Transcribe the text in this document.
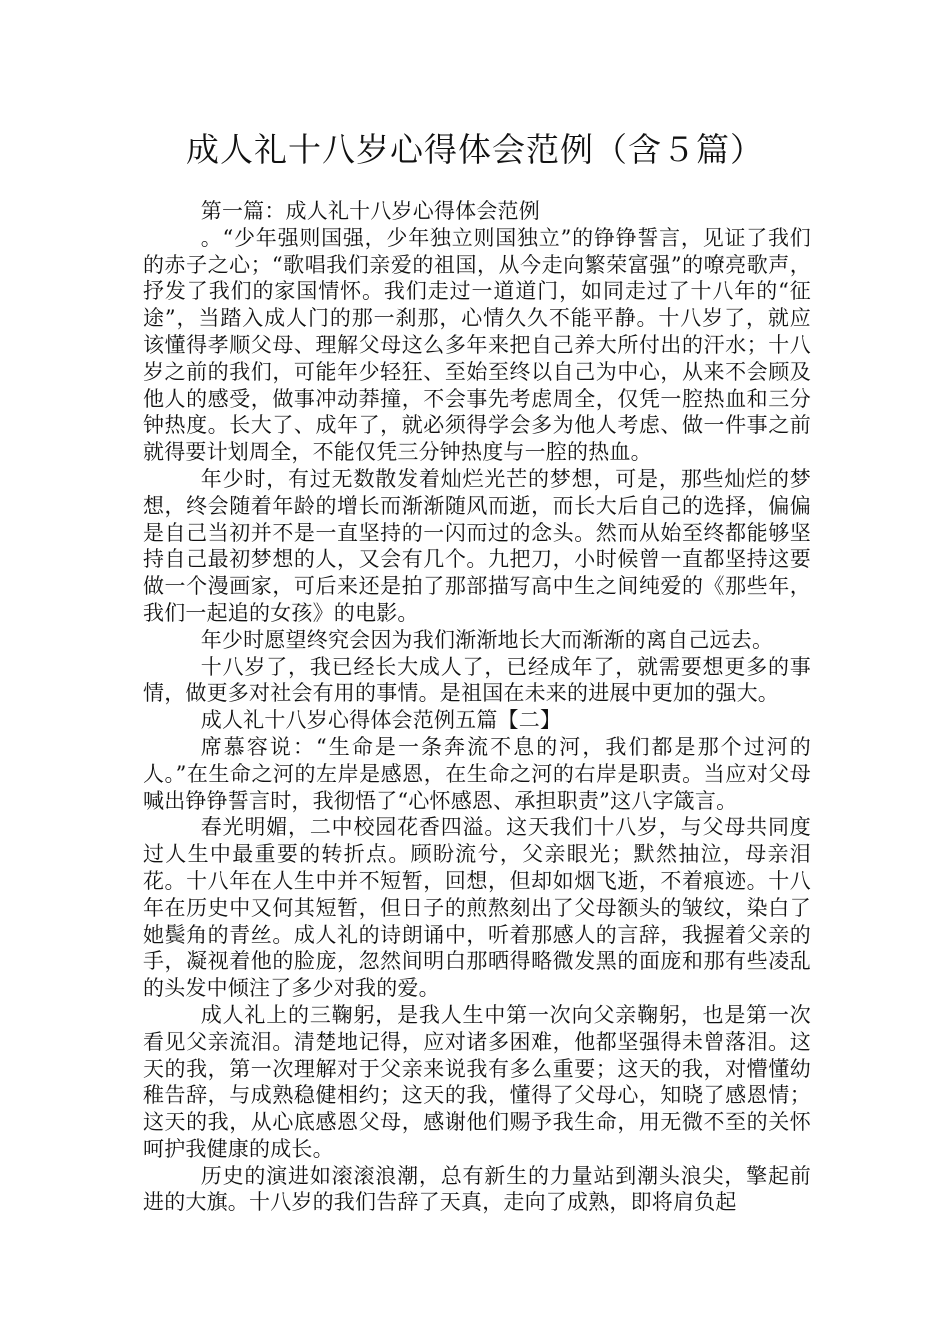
成人礼十八岁心得体会范例（含５篇）

第一篇：成人礼十八岁心得体会范例

。“少年强则国强，少年独立则国独立”的铮铮誓言，见证了我们的赤子之心；“歌唱我们亲爱的祖国，从今走向繁荣富强”的嘹亮歌声，抒发了我们的家国情怀。我们走过一道道门，如同走过了十八年的“征途”，当踏入成人门的那一刹那，心情久久不能平静。十八岁了，就应该懂得孝顺父母、理解父母这么多年来把自己养大所付出的汗水；十八岁之前的我们，可能年少轻狂、至始至终以自己为中心，从来不会顾及他人的感受，做事冲动莽撞，不会事先考虑周全，仅凭一腔热血和三分钟热度。长大了、成年了，就必须得学会多为他人考虑、做一件事之前就得要计划周全，不能仅凭三分钟热度与一腔的热血。

年少时，有过无数散发着灿烂光芒的梦想，可是，那些灿烂的梦想，终会随着年龄的增长而渐渐随风而逝，而长大后自己的选择，偏偏是自己当初并不是一直坚持的一闪而过的念头。然而从始至终都能够坚持自己最初梦想的人，又会有几个。九把刀，小时候曾一直都坚持这要做一个漫画家，可后来还是拍了那部描写高中生之间纯爱的《那些年，我们一起追的女孩》的电影。

年少时愿望终究会因为我们渐渐地长大而渐渐的离自己远去。

十八岁了，我已经长大成人了，已经成年了，就需要想更多的事情，做更多对社会有用的事情。是祖国在未来的进展中更加的强大。

成人礼十八岁心得体会范例五篇【二】

席慕容说：“生命是一条奔流不息的河，我们都是那个过河的人。”在生命之河的左岸是感恩，在生命之河的右岸是职责。当应对父母喊出铮铮誓言时，我彻悟了“心怀感恩、承担职责”这八字箴言。

春光明媚，二中校园花香四溢。这天我们十八岁，与父母共同度过人生中最重要的转折点。顾盼流兮，父亲眼光；默然抽泣，母亲泪花。十八年在人生中并不短暂，回想，但却如烟飞逝，不着痕迹。十八年在历史中又何其短暂，但日子的煎熬刻出了父母额头的皱纹，染白了她鬓角的青丝。成人礼的诗朗诵中，听着那感人的言辞，我握着父亲的手，凝视着他的脸庞，忽然间明白那晒得略微发黑的面庞和那有些凌乱的头发中倾注了多少对我的爱。

成人礼上的三鞠躬，是我人生中第一次向父亲鞠躬，也是第一次看见父亲流泪。清楚地记得，应对诸多困难，他都坚强得未曾落泪。这天的我，第一次理解对于父亲来说我有多么重要；这天的我，对懵懂幼稚告辞，与成熟稳健相约；这天的我，懂得了父母心，知晓了感恩情；这天的我，从心底感恩父母，感谢他们赐予我生命，用无微不至的关怀呵护我健康的成长。

历史的演进如滚滚浪潮，总有新生的力量站到潮头浪尖，擎起前进的大旗。十八岁的我们告辞了天真，走向了成熟，即将肩负起
